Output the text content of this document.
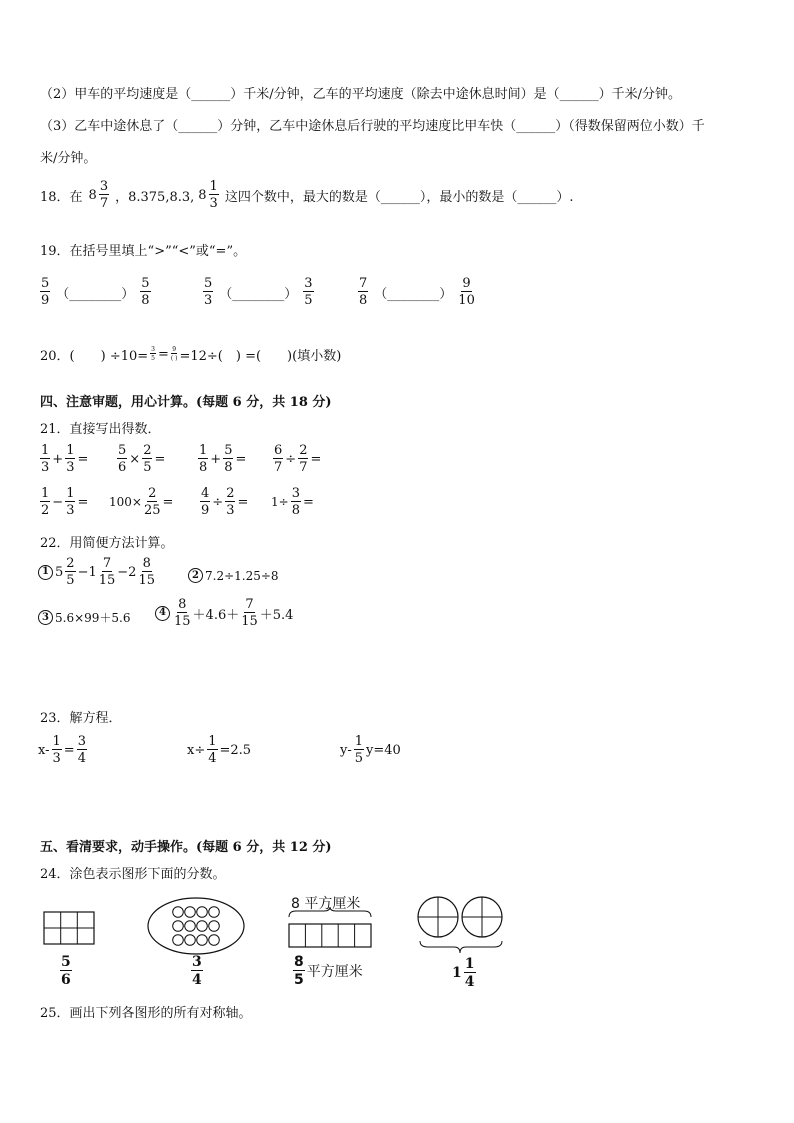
（2）甲车的平均速度是（______）千米/分钟，乙车的平均速度（除去中途休息时间）是（______）千米/分钟。
（3）乙车中途休息了（______）分钟，乙车中途休息后行驶的平均速度比甲车快（______）（得数保留两位小数）千
米/分钟。
18．在 $8 \frac{3}{7}$ ，8.375,8.3, $8 \frac{1}{3}$ 这四个数中，最大的数是（______），最小的数是（______）.
19．在括号里填上“>”“<”或“=”。
$\frac{5}{9}$ （________） $\frac{5}{8}$	$\frac{5}{3}$ （________） $\frac{3}{5}$	$\frac{7}{8}$ （________） $\frac{9}{10}$
20．(　　) $\div 10= \frac{3}{5} = 9$
( ) =12÷(　) =(　　)(填小数)
四、注意审题，用心计算。(每题 6 分，共 18 分)
21．直接写出得数．
$\frac{1}{3} + \frac{1}{3} = \frac{5}{6} \times \frac{2}{5}$ =	$\frac{1}{8} + \frac{5}{8} = \frac{6}{7} \div \frac{2}{7}$ =
$\frac{1}{2} - \frac{1}{3} = 100\times \frac{2}{25} = \frac{4}{9} \div \frac{2}{3} = 1\div \frac{3}{8}$ =
22．用简便方法计算。
1 $5 \frac{2}{5} -1 \frac{7}{15} -2 \frac{8}{15}$	2 7.2÷1.25÷8
3 5.6×99＋5.6	$4 \frac{8}{15} +4.6+ \frac{7}{15} +5.4$
23．解方程．
$x- \frac{1}{3} = \frac{3}{4}$	$x\div \frac{1}{4} =2.5$	$y- \frac{1}{5} y=40$
五、看清要求，动手操作。(每题 6 分，共 12 分)
24．涂色表示图形下面的分数。
$\frac{5}{6}$	$\frac{3}{4}$
8 平方厘米
$\frac{8}{5}$ 平方厘米	$1 \frac{1}{4}$
25．画出下列各图形的所有对称轴。
